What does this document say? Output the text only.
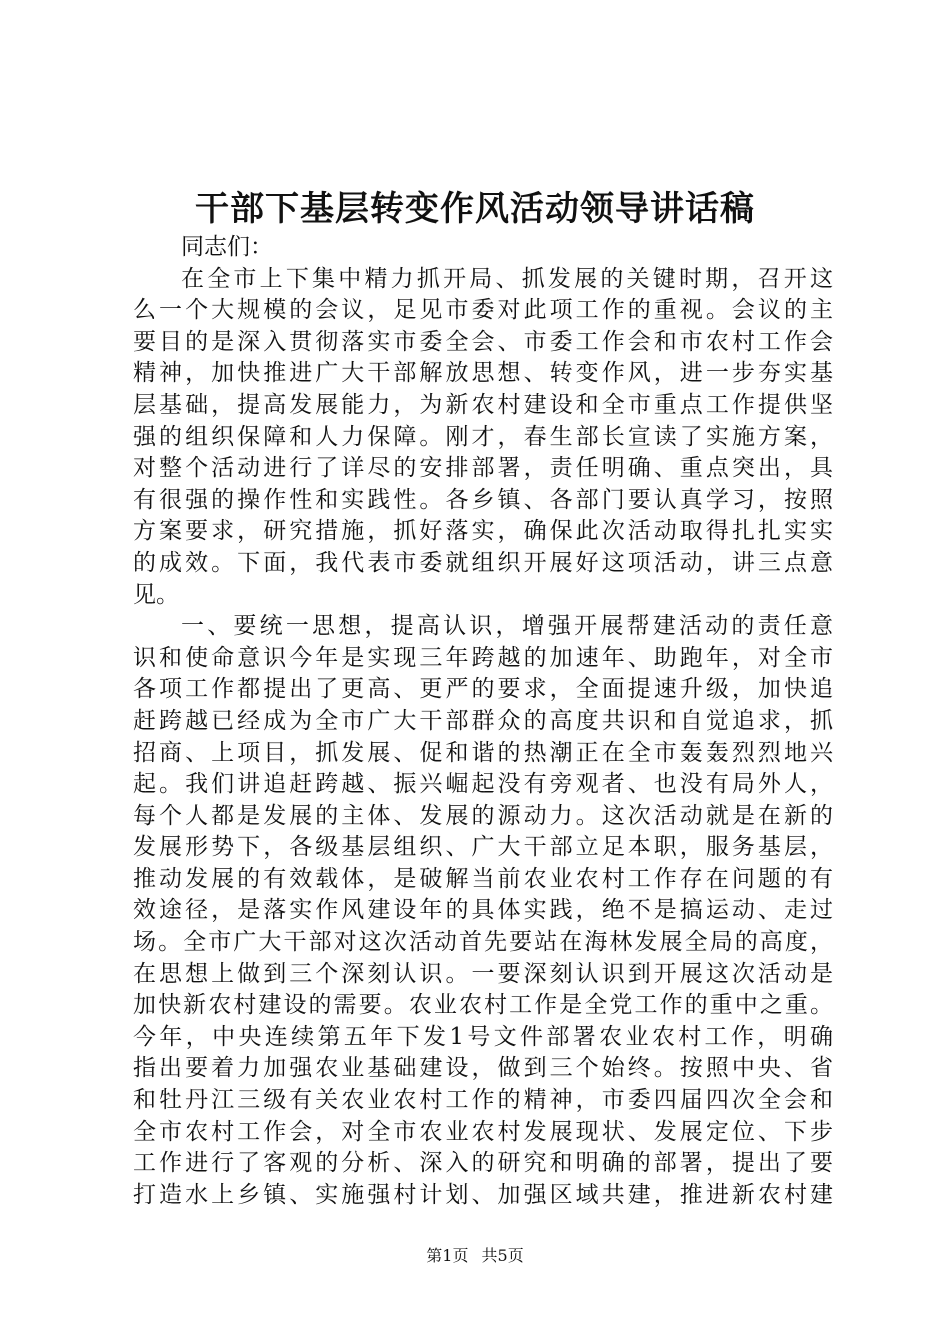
干部下基层转变作风活动领导讲话稿
同志们：
在全市上下集中精力抓开局、抓发展的关键时期，召开这
么一个大规模的会议，足见市委对此项工作的重视。会议的主
要目的是深入贯彻落实市委全会、市委工作会和市农村工作会
精神，加快推进广大干部解放思想、转变作风，进一步夯实基
层基础，提高发展能力，为新农村建设和全市重点工作提供坚
强的组织保障和人力保障。刚才，春生部长宣读了实施方案，
对整个活动进行了详尽的安排部署，责任明确、重点突出，具
有很强的操作性和实践性。各乡镇、各部门要认真学习，按照
方案要求，研究措施，抓好落实，确保此次活动取得扎扎实实
的成效。下面，我代表市委就组织开展好这项活动，讲三点意
见。
一、要统一思想，提高认识，增强开展帮建活动的责任意
识和使命意识今年是实现三年跨越的加速年、助跑年，对全市
各项工作都提出了更高、更严的要求，全面提速升级，加快追
赶跨越已经成为全市广大干部群众的高度共识和自觉追求，抓
招商、上项目，抓发展、促和谐的热潮正在全市轰轰烈烈地兴
起。我们讲追赶跨越、振兴崛起没有旁观者、也没有局外人，
每个人都是发展的主体、发展的源动力。这次活动就是在新的
发展形势下，各级基层组织、广大干部立足本职，服务基层，
推动发展的有效载体，是破解当前农业农村工作存在问题的有
效途径，是落实作风建设年的具体实践，绝不是搞运动、走过
场。全市广大干部对这次活动首先要站在海林发展全局的高度，
在思想上做到三个深刻认识。一要深刻认识到开展这次活动是
加快新农村建设的需要。农业农村工作是全党工作的重中之重。
今年，中央连续第五年下发1号文件部署农业农村工作，明确
指出要着力加强农业基础建设，做到三个始终。按照中央、省
和牡丹江三级有关农业农村工作的精神，市委四届四次全会和
全市农村工作会，对全市农业农村发展现状、发展定位、下步
工作进行了客观的分析、深入的研究和明确的部署，提出了要
打造水上乡镇、实施强村计划、加强区域共建，推进新农村建
第1页 共5页
